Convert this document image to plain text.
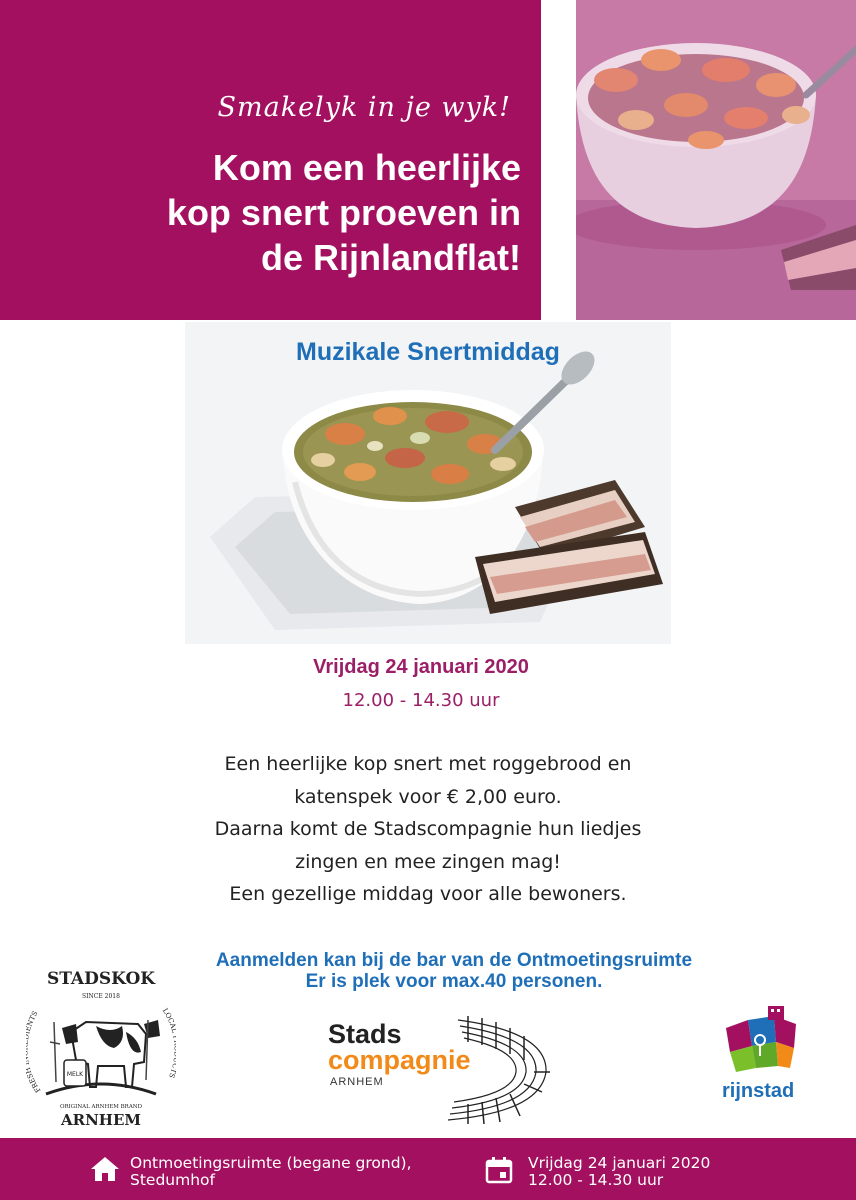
Smakelyk in je wyk!
Kom een heerlijke
kop snert proeven in
de Rijnlandflat!
Muzikale Snertmiddag
Vrijdag 24 januari 2020
12.00 - 14.30 uur
Een heerlijke kop snert met roggebrood en
katenspek voor € 2,00 euro.
Daarna komt de Stadscompagnie hun liedjes
zingen en mee zingen mag!
Een gezellige middag voor alle bewoners.
Aanmelden kan bij de bar van de Ontmoetingsruimte
Er is plek voor max.40 personen.
STADSKOK
SINCE 2018
FRES NTS	LOC S
MELK
ORIGINAL ARNHEM BRAND
ARNHEM
Stads
compagnie
ARNHEM	rijnstad
Ontmoetingsruimte (begane grond),
Stedumhof
Vrijdag 24 januari 2020
12.00 - 14.30 uur
